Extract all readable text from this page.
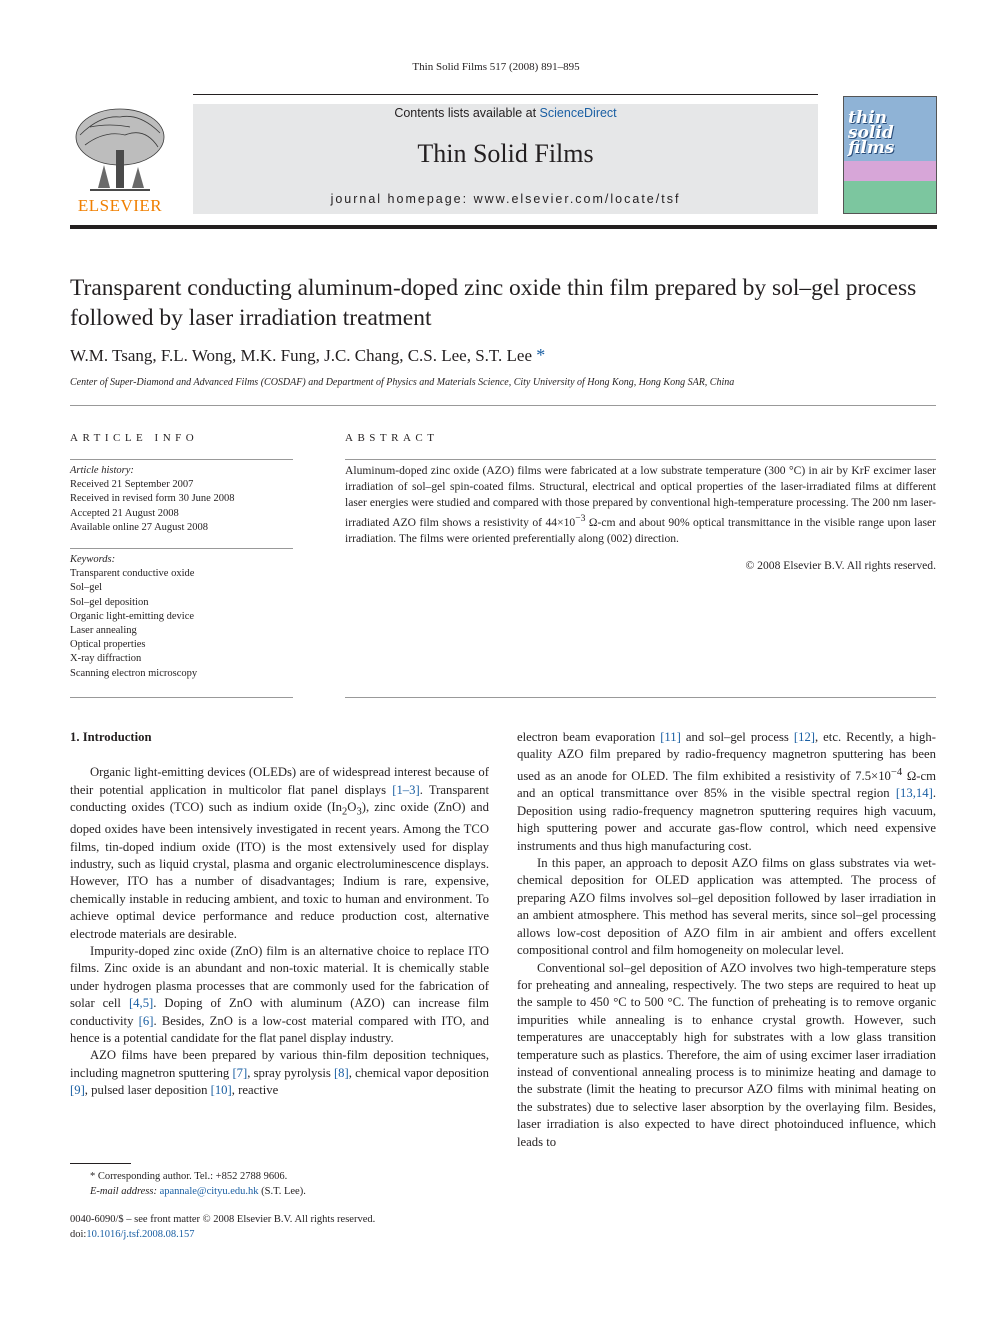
Thin Solid Films 517 (2008) 891–895
ELSEVIER
Contents lists available at ScienceDirect
Thin Solid Films
journal homepage: www.elsevier.com/locate/tsf
thin solid films
Transparent conducting aluminum-doped zinc oxide thin film prepared by sol–gel process followed by laser irradiation treatment
W.M. Tsang, F.L. Wong, M.K. Fung, J.C. Chang, C.S. Lee, S.T. Lee *
Center of Super-Diamond and Advanced Films (COSDAF) and Department of Physics and Materials Science, City University of Hong Kong, Hong Kong SAR, China
ARTICLE INFO	ABSTRACT
Article history:
Received 21 September 2007
Received in revised form 30 June 2008
Accepted 21 August 2008
Available online 27 August 2008
Keywords:
Transparent conductive oxide
Sol–gel
Sol–gel deposition
Organic light-emitting device
Laser annealing
Optical properties
X-ray diffraction
Scanning electron microscopy
Aluminum-doped zinc oxide (AZO) films were fabricated at a low substrate temperature (300 °C) in air by KrF excimer laser irradiation of sol–gel spin-coated films. Structural, electrical and optical properties of the laser-irradiated films at different laser energies were studied and compared with those prepared by conventional high-temperature processing. The 200 nm laser-irradiated AZO film shows a resistivity of $44\times 10^{-3}$ Ω-cm and about 90% optical transmittance in the visible range upon laser irradiation. The films were oriented preferentially along (002) direction.
© 2008 Elsevier B.V. All rights reserved.
1. Introduction

Organic light-emitting devices (OLEDs) are of widespread interest because of their potential application in multicolor flat panel displays [1–3]. Transparent conducting oxides (TCO) such as indium oxide $(In_2O_3)$, zinc oxide (ZnO) and doped oxides have been intensively investigated in recent years. Among the TCO films, tin-doped indium oxide (ITO) is the most extensively used for display industry, such as liquid crystal, plasma and organic electroluminescence displays. However, ITO has a number of disadvantages; Indium is rare, expensive, chemically instable in reducing ambient, and toxic to human and environment. To achieve optimal device performance and reduce production cost, alternative electrode materials are desirable.

Impurity-doped zinc oxide (ZnO) film is an alternative choice to replace ITO films. Zinc oxide is an abundant and non-toxic material. It is chemically stable under hydrogen plasma processes that are commonly used for the fabrication of solar cell [4,5]. Doping of ZnO with aluminum (AZO) can increase film conductivity [6]. Besides, ZnO is a low-cost material compared with ITO, and hence is a potential candidate for the flat panel display industry.

AZO films have been prepared by various thin-film deposition techniques, including magnetron sputtering [7], spray pyrolysis [8], chemical vapor deposition [9], pulsed laser deposition [10], reactive

electron beam evaporation [11] and sol–gel process [12], etc. Recently, a high-quality AZO film prepared by radio-frequency magnetron sputtering has been used as an anode for OLED. The film exhibited a resistivity of $7.5\times 10^{-4}$ Ω-cm and an optical transmittance over 85% in the visible spectral region [13,14]. Deposition using radio-frequency magnetron sputtering requires high vacuum, high sputtering power and accurate gas-flow control, which need expensive instruments and thus high manufacturing cost.

In this paper, an approach to deposit AZO films on glass substrates via wet-chemical deposition for OLED application was attempted. The process of preparing AZO films involves sol–gel deposition followed by laser irradiation in an ambient atmosphere. This method has several merits, since sol–gel processing allows low-cost deposition of AZO film in air ambient and offers excellent compositional control and film homogeneity on molecular level.

Conventional sol–gel deposition of AZO involves two high-temperature steps for preheating and annealing, respectively. The two steps are required to heat up the sample to 450 °C to 500 °C. The function of preheating is to remove organic impurities while annealing is to enhance crystal growth. However, such temperatures are unacceptably high for substrates with a low glass transition temperature such as plastics. Therefore, the aim of using excimer laser irradiation instead of conventional annealing process is to minimize heating and damage to the substrate (limit the heating to precursor AZO films with minimal heating on the substrates) due to selective laser absorption by the overlaying film. Besides, laser irradiation is also expected to have direct photoinduced influence, which leads to

* Corresponding author. Tel.: +852 2788 9606.
E-mail address: apannale@cityu.edu.hk (S.T. Lee).
0040-6090/$ – see front matter © 2008 Elsevier B.V. All rights reserved.
doi:10.1016/j.tsf.2008.08.157
